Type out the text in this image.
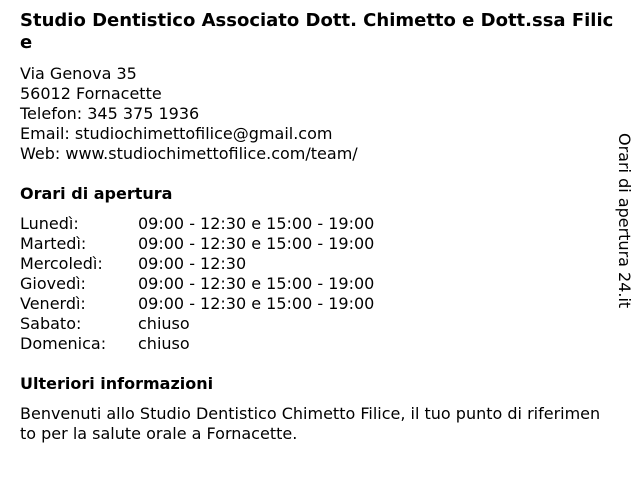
Studio Dentistico Associato Dott. Chimetto e Dott.ssa Filice
Via Genova 35
56012 Fornacette
Telefon: 345 375 1936
Email: studiochimettofilice@gmail.com
Web: www.studiochimettofilice.com/team/
Orari di apertura
Lunedì:	09:00 - 12:30 e 15:00 - 19:00
Martedì:	09:00 - 12:30 e 15:00 - 19:00
Mercoledì: 09:00 - 12:30
Giovedì:	09:00 - 12:30 e 15:00 - 19:00
Venerdì:	09:00 - 12:30 e 15:00 - 19:00
Sabato:	chiuso
Domenica: chiuso
Ulteriori informazioni

Benvenuti allo Studio Dentistico Chimetto Filice, il tuo punto di riferimento per la salute orale a Fornacette.

Orari di apertura 24.it
